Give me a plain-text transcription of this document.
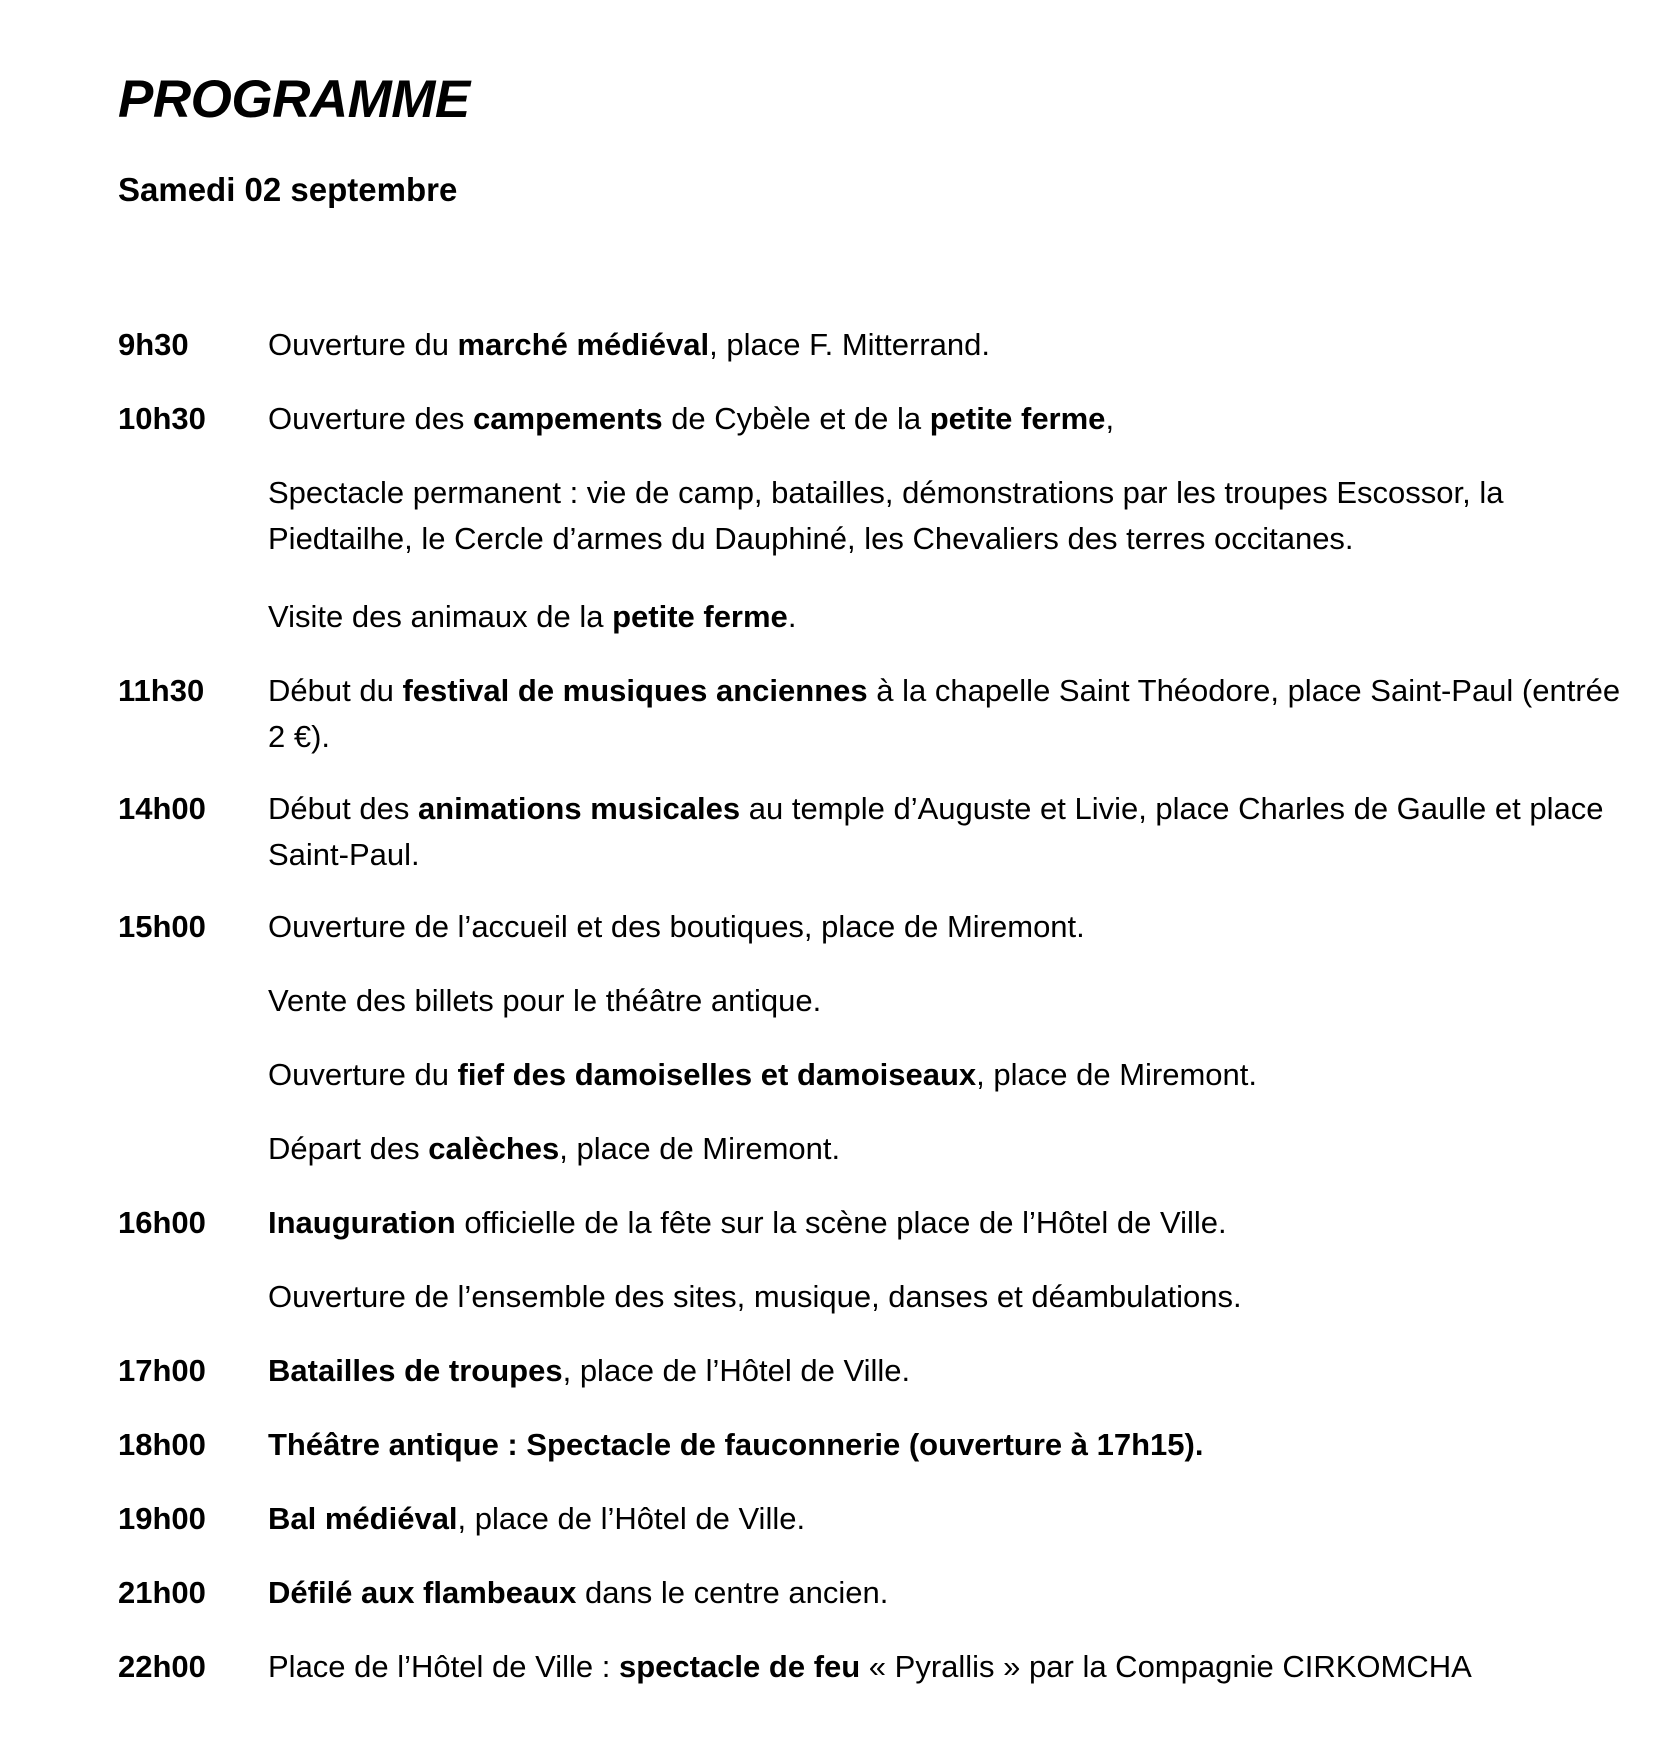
PROGRAMME
Samedi 02 septembre
9h30	Ouverture du marché médiéval, place F. Mitterrand.
10h30 Ouverture des campements de Cybèle et de la petite ferme,
Spectacle permanent : vie de camp, batailles, démonstrations par les troupes Escossor, la Piedtailhe, le Cercle d’armes du Dauphiné, les Chevaliers des terres occitanes.
Visite des animaux de la petite ferme.
11h30 Début du festival de musiques anciennes à la chapelle Saint Théodore, place Saint-Paul (entrée 2 €).
14h00 Début des animations musicales au temple d’Auguste et Livie, place Charles de Gaulle et place Saint-Paul.
15h00 Ouverture de l’accueil et des boutiques, place de Miremont.
Vente des billets pour le théâtre antique.
Ouverture du fief des damoiselles et damoiseaux, place de Miremont.
Départ des calèches, place de Miremont.
16h00 Inauguration officielle de la fête sur la scène place de l’Hôtel de Ville.
Ouverture de l’ensemble des sites, musique, danses et déambulations.
17h00 Batailles de troupes, place de l’Hôtel de Ville.
18h00 Théâtre antique : Spectacle de fauconnerie (ouverture à 17h15).
19h00 Bal médiéval, place de l’Hôtel de Ville.
21h00 Défilé aux flambeaux dans le centre ancien.
22h00 Place de l’Hôtel de Ville : spectacle de feu « Pyrallis » par la Compagnie CIRKOMCHA
